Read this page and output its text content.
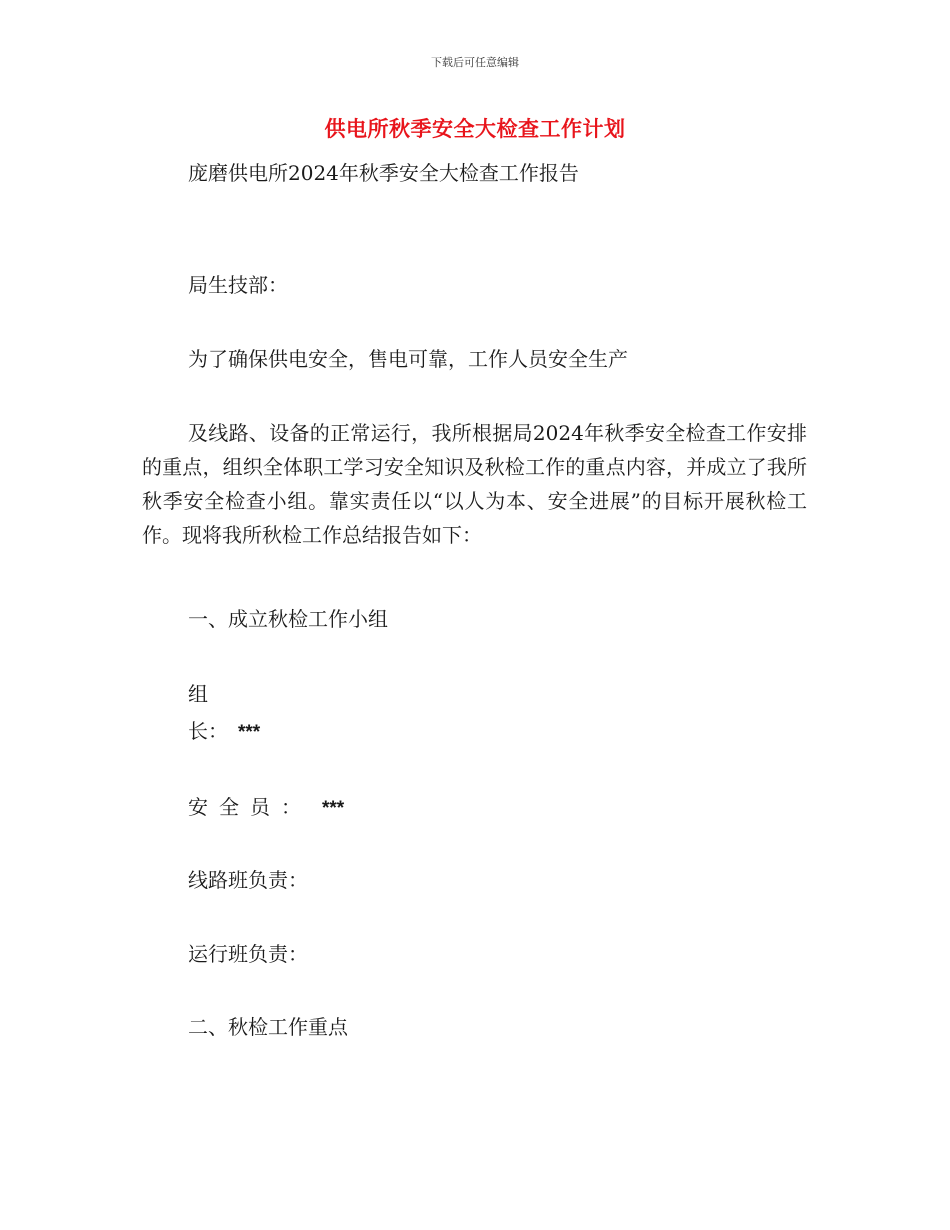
下载后可任意编辑
供电所秋季安全大检查工作计划
庞磨供电所2024年秋季安全大检查工作报告
局生技部：
为了确保供电安全，售电可靠，工作人员安全生产
及线路、设备的正常运行，我所根据局2024年秋季安全检查工作安排的重点，组织全体职工学习安全知识及秋检工作的重点内容，并成立了我所秋季安全检查小组。靠实责任以“以人为本、安全进展”的目标开展秋检工作。现将我所秋检工作总结报告如下：
一、成立秋检工作小组
组
长： ***
安全员： ***
线路班负责：
运行班负责：
二、秋检工作重点
